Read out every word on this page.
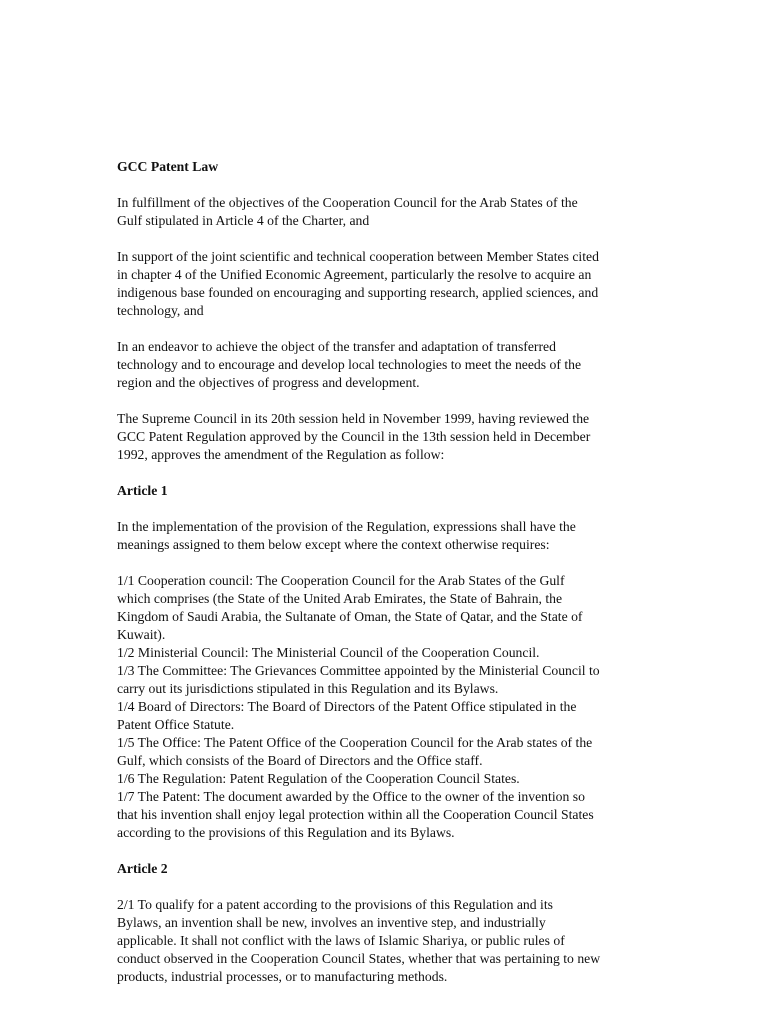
GCC Patent Law

In fulfillment of the objectives of the Cooperation Council for the Arab States of the
Gulf stipulated in Article 4 of the Charter, and

In support of the joint scientific and technical cooperation between Member States cited
in chapter 4 of the Unified Economic Agreement, particularly the resolve to acquire an
indigenous base founded on encouraging and supporting research, applied sciences, and
technology, and

In an endeavor to achieve the object of the transfer and adaptation of transferred
technology and to encourage and develop local technologies to meet the needs of the
region and the objectives of progress and development.

The Supreme Council in its 20th session held in November 1999, having reviewed the
GCC Patent Regulation approved by the Council in the 13th session held in December
1992, approves the amendment of the Regulation as follow:

Article 1

In the implementation of the provision of the Regulation, expressions shall have the
meanings assigned to them below except where the context otherwise requires:

1/1 Cooperation council: The Cooperation Council for the Arab States of the Gulf
which comprises (the State of the United Arab Emirates, the State of Bahrain, the
Kingdom of Saudi Arabia, the Sultanate of Oman, the State of Qatar, and the State of
Kuwait).
1/2 Ministerial Council: The Ministerial Council of the Cooperation Council.
1/3 The Committee: The Grievances Committee appointed by the Ministerial Council to
carry out its jurisdictions stipulated in this Regulation and its Bylaws.
1/4 Board of Directors: The Board of Directors of the Patent Office stipulated in the
Patent Office Statute.
1/5 The Office: The Patent Office of the Cooperation Council for the Arab states of the
Gulf, which consists of the Board of Directors and the Office staff.
1/6 The Regulation: Patent Regulation of the Cooperation Council States.
1/7 The Patent: The document awarded by the Office to the owner of the invention so
that his invention shall enjoy legal protection within all the Cooperation Council States
according to the provisions of this Regulation and its Bylaws.
Article 2

2/1 To qualify for a patent according to the provisions of this Regulation and its
Bylaws, an invention shall be new, involves an inventive step, and industrially
applicable. It shall not conflict with the laws of Islamic Shariya, or public rules of
conduct observed in the Cooperation Council States, whether that was pertaining to new
products, industrial processes, or to manufacturing methods.
